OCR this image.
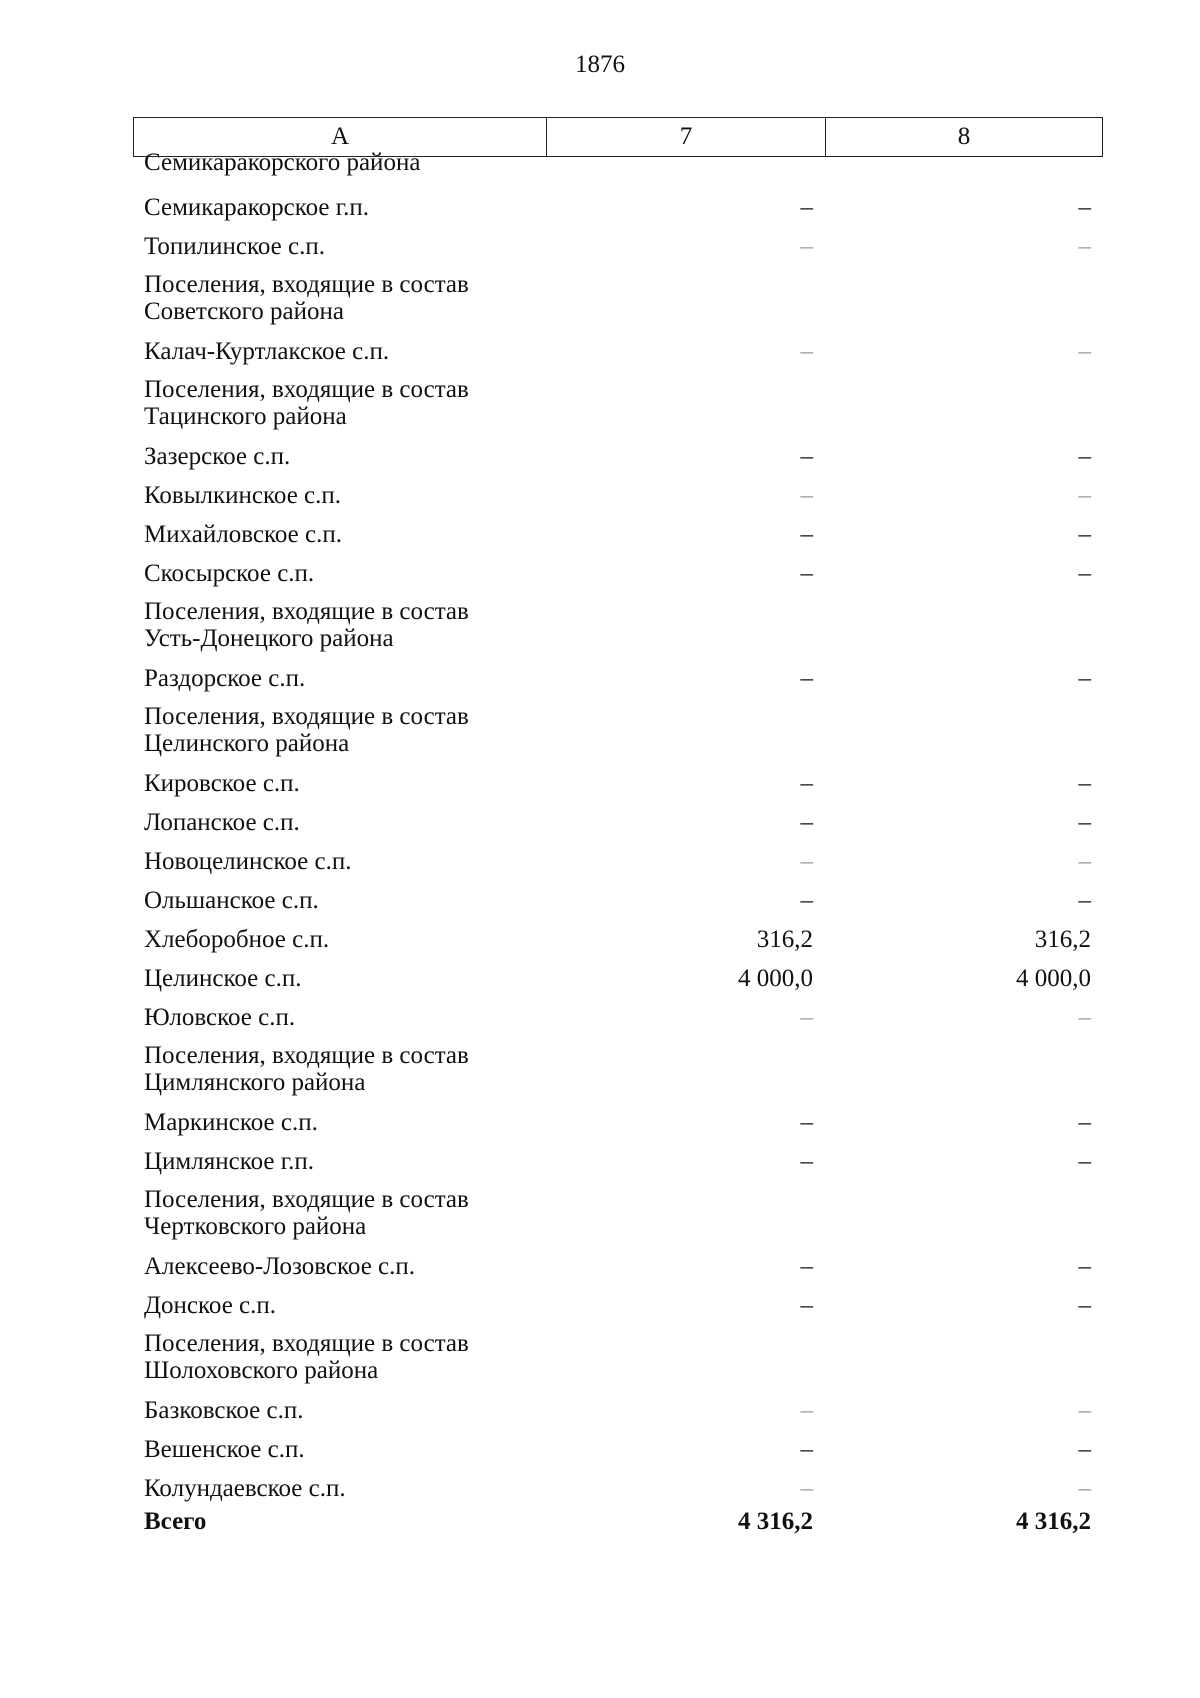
1876
А	7	8
Семикаракорского района
Семикаракорское г.п.	–	–
Топилинское с.п.	–	–
Поселения, входящие в состав
Советского района
Калач-Куртлакское с.п.	–	–
Поселения, входящие в состав
Тацинского района
Зазерское с.п.	–	–
Ковылкинское с.п.	–	–
Михайловское с.п.	–	–
Скосырское с.п.	–	–
Поселения, входящие в состав
Усть-Донецкого района
Раздорское с.п.	–	–
Поселения, входящие в состав
Целинского района
Кировское с.п.	–	–
Лопанское с.п.	–	–
Новоцелинское с.п.	–	–
Ольшанское с.п.	–	–
Хлеборобное с.п.	316,2	316,2
Целинское с.п.	4 000,0	4 000,0
Юловское с.п.	–	–
Поселения, входящие в состав
Цимлянского района
Маркинское с.п.	–	–
Цимлянское г.п.	–	–
Поселения, входящие в состав
Чертковского района
Алексеево-Лозовское с.п.	–	–
Донское с.п.	–	–
Поселения, входящие в состав
Шолоховского района
Базковское с.п.	–	–
Вешенское с.п.	–	–
Колундаевское с.п.	–	–
Всего	4 316,2	4 316,2
